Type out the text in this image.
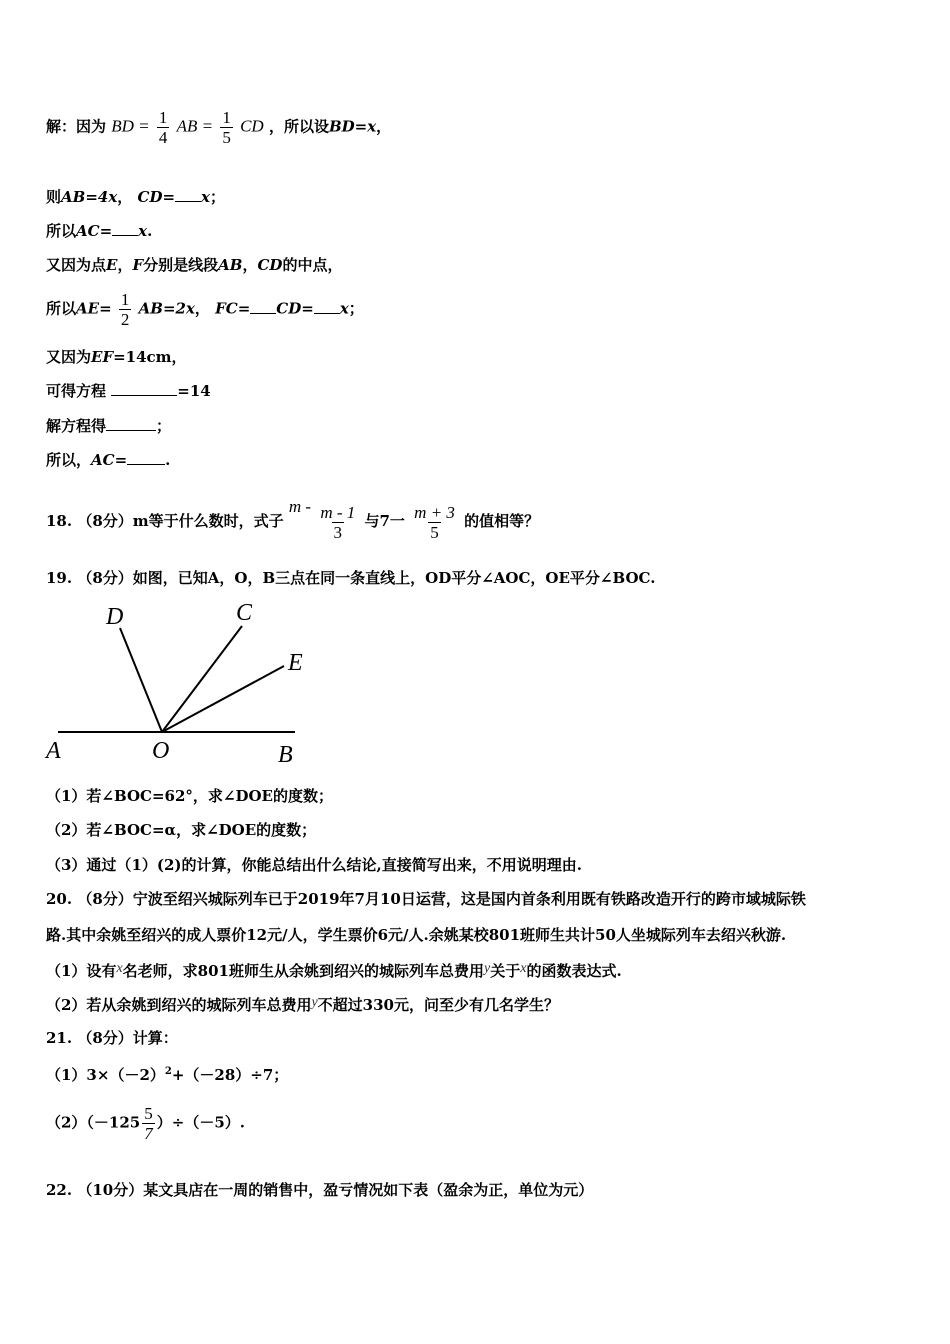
解：因为 BD = $\frac{1}{4}$ AB = $\frac{1}{5}$ CD ，所以设BD=x，
则AB=4x， CD= x；
所以AC= x.
又因为点E，F分别是线段AB，CD的中点，
所以$AE= \frac{1}{2} AB=2x$， FC= CD= x；
又因为EF=14cm，
可得方程	=14
解方程得	；
所以，AC=	.
18. （8分）m等于什么数时，式子 m - $\frac{m - 1}{3}$ 与7一 $\frac{m + 3}{5}$ 的值相等？
19. （8分）如图，已知A，O，B三点在同一条直线上，OD平分∠AOC，OE平分∠BOC.
D	C
E
A	O	B
（1）若∠BOC=62°，求∠DOE的度数；
（2）若∠BOC=α，求∠DOE的度数；
（3）通过（1）(2)的计算，你能总结出什么结论,直接简写出来，不用说明理由.
20. （8分）宁波至绍兴城际列车已于2019年7月10日运营，这是国内首条利用既有铁路改造开行的跨市域城际铁
路.其中余姚至绍兴的成人票价12元/人，学生票价6元/人.余姚某校801班师生共计50人坐城际列车去绍兴秋游.
（1）设有x名老师，求801班师生从余姚到绍兴的城际列车总费用y关于x的函数表达式.
（2）若从余姚到绍兴的城际列车总费用y不超过330元，问至少有几名学生？
21. （8分）计算：
$(1)3\times(-2)^2+(-28)\div 7$；
$(2)(-125 \frac{5}{7} )\div(-5)$.
22. （10分）某文具店在一周的销售中，盈亏情况如下表（盈余为正，单位为元）
